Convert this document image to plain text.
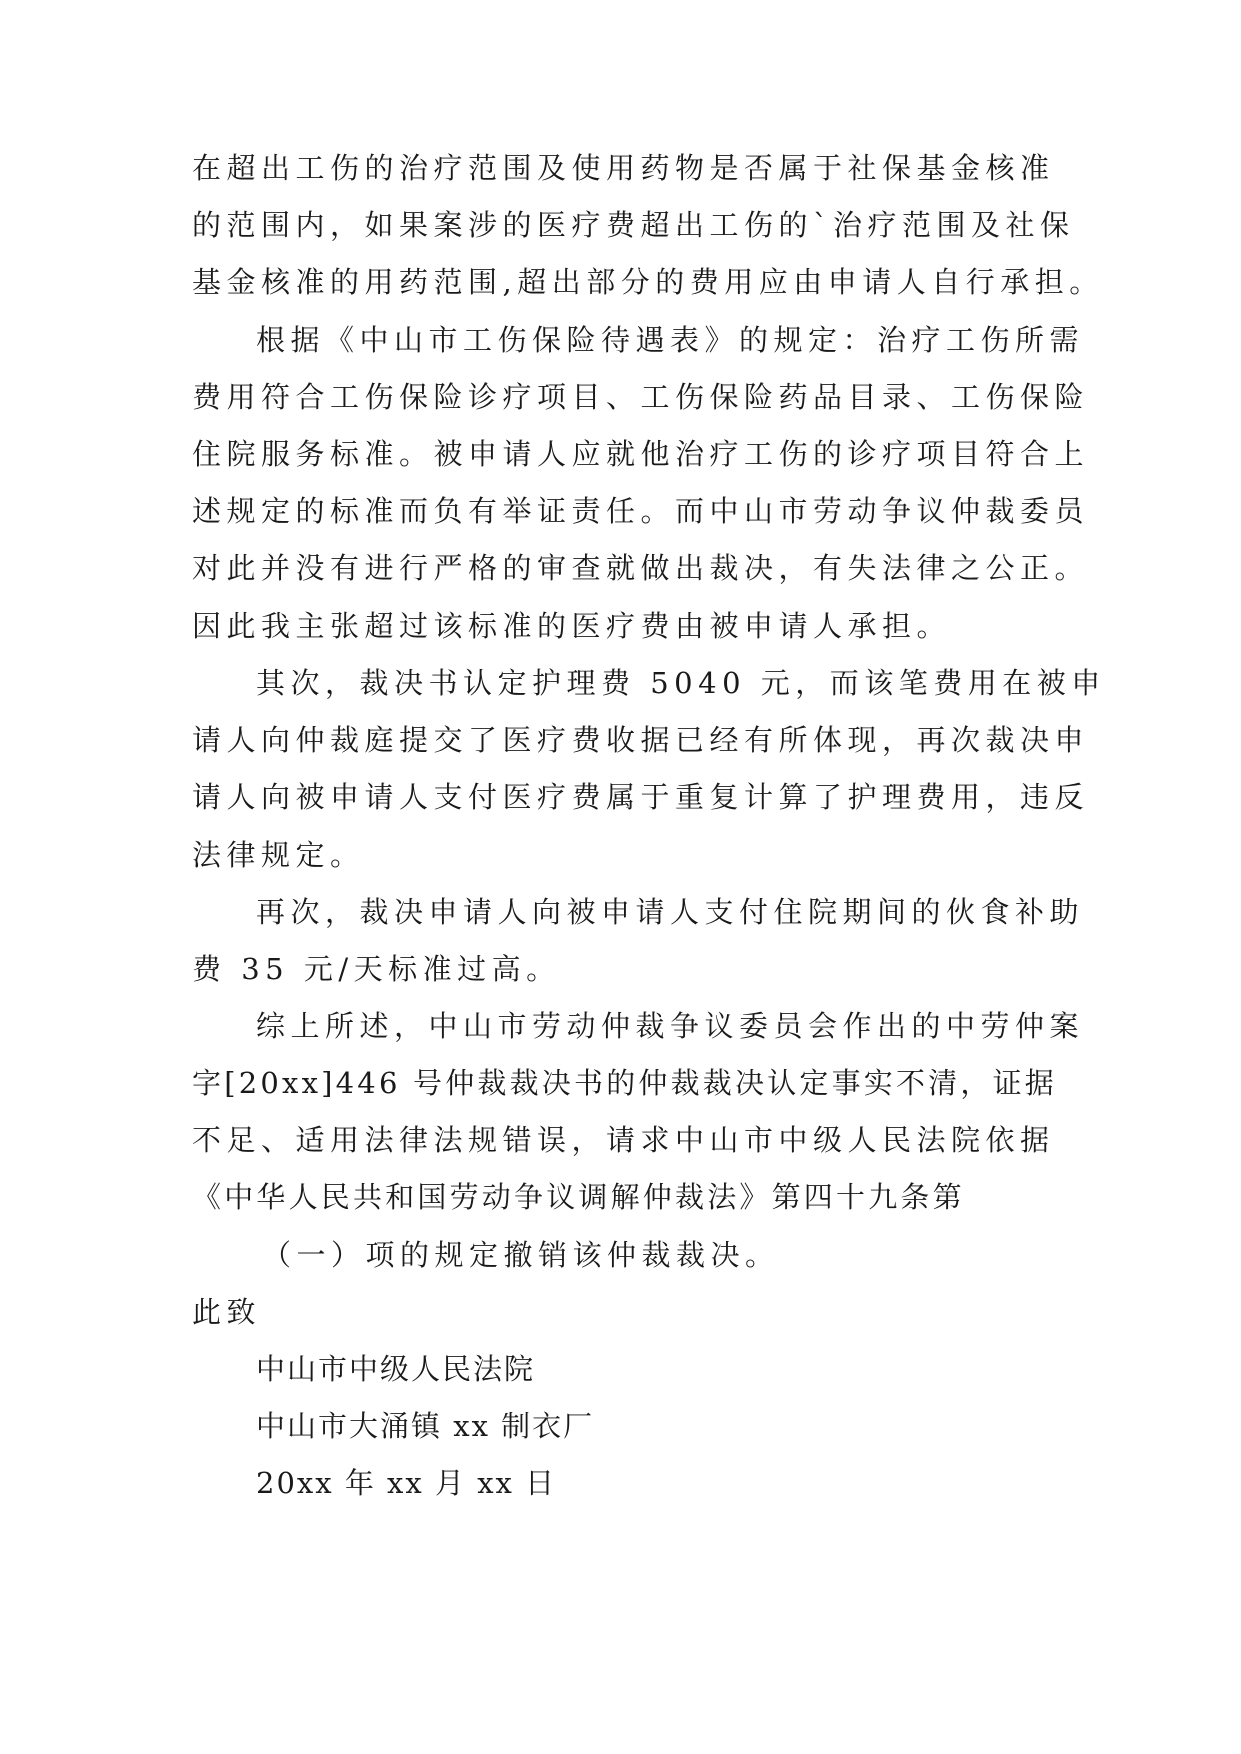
在超出工伤的治疗范围及使用药物是否属于社保基金核准
的范围内，如果案涉的医疗费超出工伤的`治疗范围及社保
基金核准的用药范围,超出部分的费用应由申请人自行承担。
根据《中山市工伤保险待遇表》的规定：治疗工伤所需
费用符合工伤保险诊疗项目、工伤保险药品目录、工伤保险
住院服务标准。被申请人应就他治疗工伤的诊疗项目符合上
述规定的标准而负有举证责任。而中山市劳动争议仲裁委员
对此并没有进行严格的审查就做出裁决，有失法律之公正。
因此我主张超过该标准的医疗费由被申请人承担。
其次，裁决书认定护理费 5040 元，而该笔费用在被申
请人向仲裁庭提交了医疗费收据已经有所体现，再次裁决申
请人向被申请人支付医疗费属于重复计算了护理费用，违反
法律规定。
再次，裁决申请人向被申请人支付住院期间的伙食补助
费 35 元/天标准过高。
综上所述，中山市劳动仲裁争议委员会作出的中劳仲案
字[20xx]446 号仲裁裁决书的仲裁裁决认定事实不清，证据
不足、适用法律法规错误，请求中山市中级人民法院依据
《中华人民共和国劳动争议调解仲裁法》第四十九条第
（一）项的规定撤销该仲裁裁决。
此致
中山市中级人民法院
中山市大涌镇 xx 制衣厂
20xx 年 xx 月 xx 日
